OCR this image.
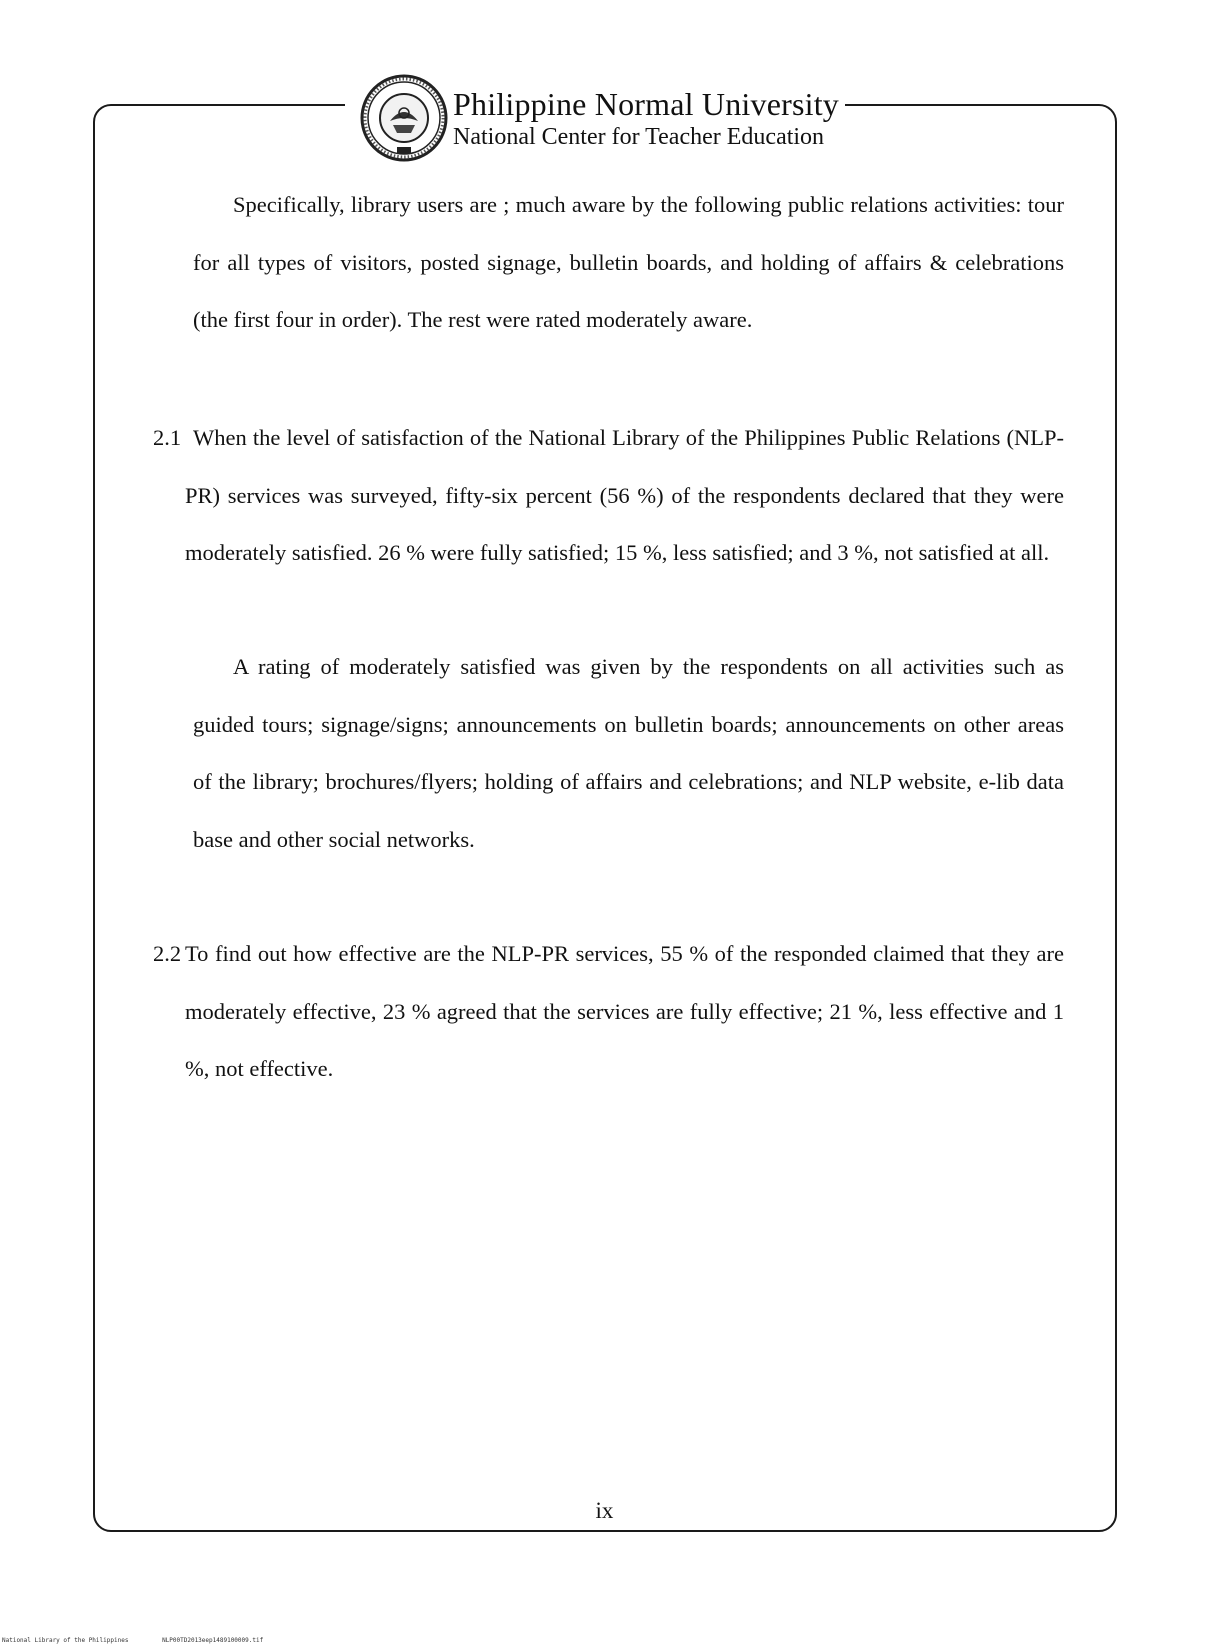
Philippine Normal University
National Center for Teacher Education

Specifically, library users are ; much aware by the following public relations activities: tour for all types of visitors, posted signage, bulletin boards, and holding of affairs & celebrations (the first four in order). The rest were rated moderately aware.

2.1 When the level of satisfaction of the National Library of the Philippines Public Relations (NLP-PR) services was surveyed, fifty-six percent (56 %) of the respondents declared that they were moderately satisfied. 26 % were fully satisfied; 15 %, less satisfied; and 3 %, not satisfied at all.

A rating of moderately satisfied was given by the respondents on all activities such as guided tours; signage/signs; announcements on bulletin boards; announcements on other areas of the library; brochures/flyers; holding of affairs and celebrations; and NLP website, e-lib data base and other social networks.

2.2 To find out how effective are the NLP-PR services, 55 % of the responded claimed that they are moderately effective, 23 % agreed that the services are fully effective; 21 %, less effective and 1 %, not effective.
ix
National Library of the Philippines	NLP00TD2013eep1489100009.tif
